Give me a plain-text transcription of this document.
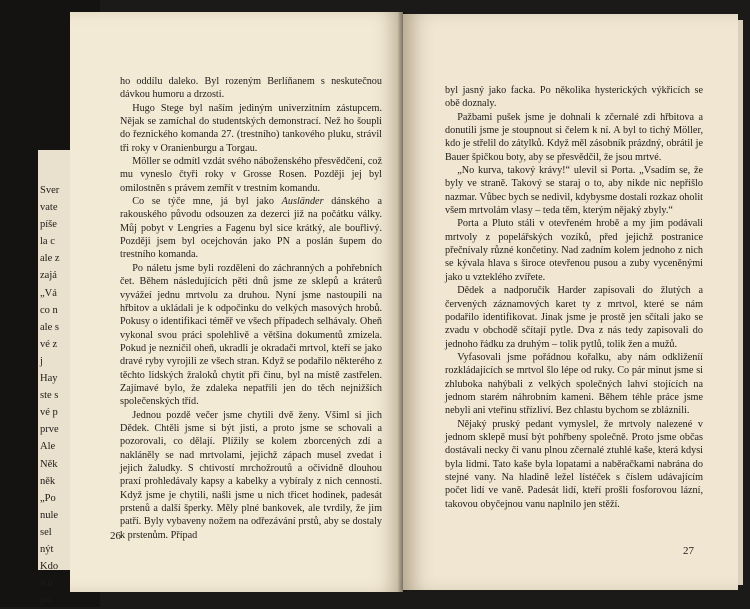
Sver
vate
píše
la c
ale z
zajá
„Vá
co n
ale s
vé z
j
Hay
ste s
vé p
prve
Ale
Něk
něk
„Po
nule
sel
nýt
Kdo
Ků
po

ho oddílu daleko. Byl rozeným Berlíňanem s neskutečnou dávkou humoru a drzosti.

Hugo Stege byl naším jediným univerzitním zástupcem. Nějak se zamíchal do studentských demonstrací. Než ho šoupli do řeznického komanda 27. (trestního) tankového pluku, strávil tři roky v Oranienburgu a Torgau.

Möller se odmítl vzdát svého náboženského přesvědčení, což mu vyneslo čtyři roky v Grosse Rosen. Později jej byl omilostněn s právem zemřít v trestním komandu.

Co se týče mne, já byl jako Ausländer dánského a rakouského původu odsouzen za dezerci již na počátku války. Můj pobyt v Lengries a Fagenu byl sice krátký, ale bouřlivý. Později jsem byl ocejchován jako PN a poslán šupem do trestního komanda.

Po náletu jsme byli rozděleni do záchranných a pohřebních čet. Během následujících pěti dnů jsme ze sklepů a kráterů vyvážeí jednu mrtvolu za druhou. Nyní jsme nastoupili na hřbitov a ukládali je k odpočinku do velkých masových hrobů. Pokusy o identifikaci téměř ve všech případech selhávaly. Oheň vykonal svou práci spolehlivě a většina dokumentů zmizela. Pokud je nezničil oheň, ukradli je okradači mrtvol, kteří se jako dravé ryby vyrojili ze všech stran. Když se podařilo některého z těchto lidských žraloků chytit při činu, byl na místě zastřelen. Zajímavé bylo, že zdaleka nepatřili jen do těch nejnižších společenských tříd.

Jednou pozdě večer jsme chytili dvě ženy. Všiml si jich Dědek. Chtěli jsme si být jisti, a proto jsme se schovali a pozorovali, co dělají. Plížily se kolem zborcených zdí a nakláněly se nad mrtvolami, jejichž zápach musel zvedat i jejich žaludky. S chtivostí mrchožroutů a očividně dlouhou praxí prohledávaly kapsy a kabelky a vybíraly z nich cennosti. Když jsme je chytili, našli jsme u nich třicet hodinek, padesát prstenů a další šperky. Měly plné bankovek, ale tvrdily, že jim patří. Byly vybaveny nožem na odřezávání prstů, aby se dostaly k prstenům. Případ

26

byl jasný jako facka. Po několika hysterických výkřicích se obě doznaly.

Pažbami pušek jsme je dohnali k zčernalé zdi hřbitova a donutili jsme je stoupnout si čelem k ní. A byl to tichý Möller, kdo je střelil do zátylků. Když měl zásobník prázdný, obrátil je Bauer špičkou boty, aby se přesvědčil, že jsou mrtvé.

„No kurva, takový krávy!“ ulevil si Porta. „Vsadím se, že byly ve straně. Takový se staraj o to, aby nikde nic nepřišlo nazmar. Vůbec bych se nedivil, kdybysme dostali rozkaz oholit všem mrtvolám vlasy – teda těm, kterým nějaký zbyly.“

Porta a Pluto stáli v otevřeném hrobě a my jim podávali mrtvoly z popelářských vozíků, před jejichž postranice přečnívaly různé končetiny. Nad zadním kolem jednoho z nich se kývala hlava s široce otevřenou pusou a zuby vyceněnými jako u vzteklého zvířete.

Dědek a nadporučík Harder zapisovali do žlutých a červených záznamových karet ty z mrtvol, které se nám podařilo identifikovat. Jinak jsme je prostě jen sčítali jako se zvadu v obchodě sčítají pytle. Dva z nás tedy zapisovali do jednoho řádku za druhým – tolik pytlů, tolik žen a mužů.

Vyfasovali jsme pořádnou kořalku, aby nám odkliženíí rozkládajících se mrtvol šlo lépe od ruky. Co pár minut jsme si zhluboka nahýbali z velkých společných lahví stojících na jednom starém náhrobním kameni. Během téhle práce jsme nebyli ani vteřinu střízliví. Bez chlastu bychom se zbláznili.

Nějaký pruský pedant vymyslel, že mrtvoly nalezené v jednom sklepě musí být pohřbeny společně. Proto jsme občas dostávali necky či vanu plnou zčernalé ztuhlé kaše, která kdysi byla lidmi. Tato kaše byla lopatami a naběračkami nabrána do stejné vany. Na hladině ležel lístéček s číslem udávajícím počet lidí ve vaně. Padesát lidí, kteří prošli fosforovou lázní, takovou obyčejnou vanu naplnilo jen stěží.

27
